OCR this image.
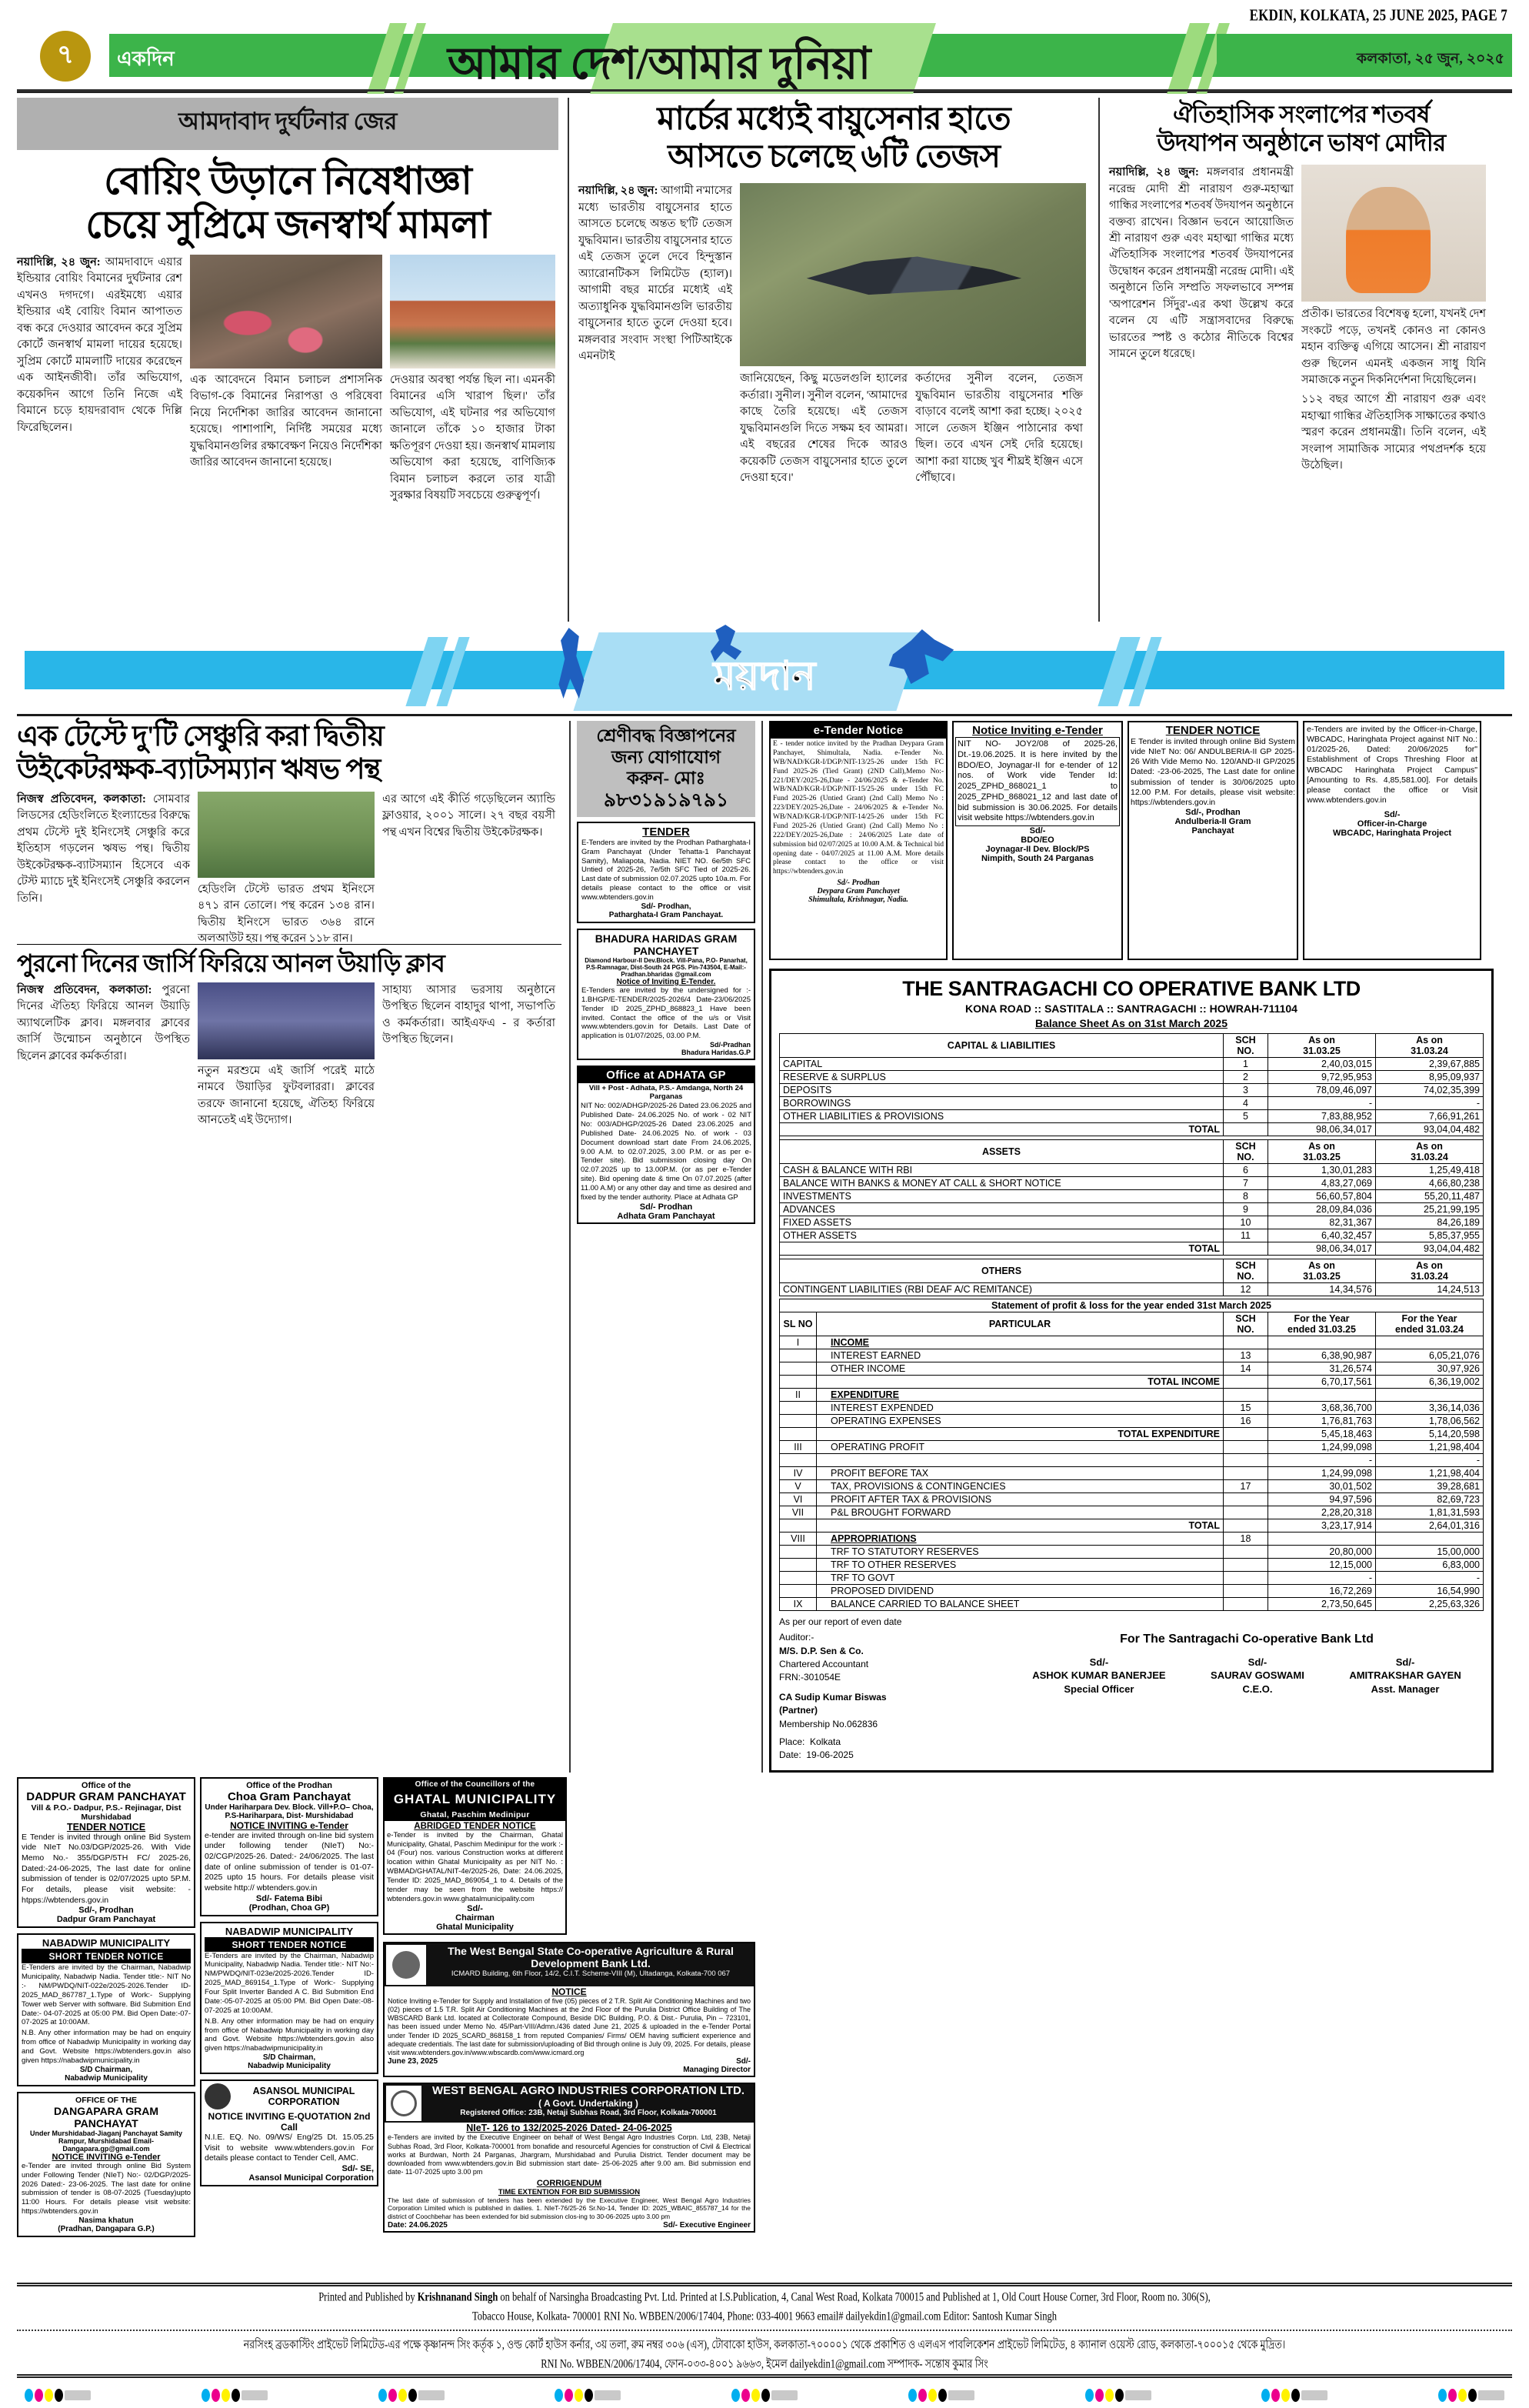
EKDIN, KOLKATA, 25 JUNE 2025, PAGE 7
৭	একদিন	আমার দেশ/আমার দুনিয়া	কলকাতা, ২৫ জুন, ২০২৫
আমদাবাদ দুর্ঘটনার জের
বোয়িং উড়ানে নিষেধাজ্ঞা
চেয়ে সুপ্রিমে জনস্বার্থ মামলা
নয়াদিল্লি, ২৪ জুন: আমদাবাদে এয়ার ইন্ডিয়ার বোয়িং বিমানের দুর্ঘটনার রেশ এখনও দগদগে। এরইমধ্যে এয়ার ইন্ডিয়ার এই বোয়িং বিমান আপাতত বন্ধ করে দেওয়ার আবেদন করে সুপ্রিম কোর্টে জনস্বার্থ মামলা দায়ের হয়েছে। সুপ্রিম কোর্টে মামলাটি দায়ের করেছেন এক আইনজীবী। তাঁর অভিযোগ, কয়েকদিন আগে তিনি নিজে এই বিমানে চড়ে হায়দরাবাদ থেকে দিল্লি ফিরেছিলেন।
এক আবেদনে বিমান চলাচল প্রশাসনিক বিভাগ-কে বিমানের নিরাপত্তা ও পরিষেবা নিয়ে নির্দেশিকা জারির আবেদন জানানো হয়েছে। পাশাপাশি, নির্দিষ্ট সময়ের মধ্যে যুদ্ধবিমানগুলির রক্ষাবেক্ষণ নিয়েও নির্দেশিকা জারির আবেদন জানানো হয়েছে।
দেওয়ার অবস্থা পর্যন্ত ছিল না। এমনকী বিমানের এসি খারাপ ছিল।' তাঁর অভিযোগ, এই ঘটনার পর অভিযোগ জানালে তাঁকে ১০ হাজার টাকা ক্ষতিপূরণ দেওয়া হয়। জনস্বার্থ মামলায় অভিযোগ করা হয়েছে, বাণিজ্যিক বিমান চলাচল করলে তার যাত্রী সুরক্ষার বিষয়টি সবচেয়ে গুরুত্বপূর্ণ।
মার্চের মধ্যেই বায়ুসেনার হাতে
আসতে চলেছে ৬টি তেজস
নয়াদিল্লি, ২৪ জুন: আগামী ন'মাসের মধ্যে ভারতীয় বায়ুসেনার হাতে আসতে চলেছে অন্তত ছ'টি তেজস যুদ্ধবিমান। ভারতীয় বায়ুসেনার হাতে এই তেজস তুলে দেবে হিন্দুস্তান অ্যারোনটিকস লিমিটেড (হ্যাল)। আগামী বছর মার্চের মধ্যেই এই অত্যাধুনিক যুদ্ধবিমানগুলি ভারতীয় বায়ুসেনার হাতে তুলে দেওয়া হবে। মঙ্গলবার সংবাদ সংস্থা পিটিআইকে এমনটাই
জানিয়েছেন, কিছু মডেলগুলি হ্যালের কর্তারা। সুনীল। সুনীল বলেন, 'আমাদের কাছে তৈরি হয়েছে। এই তেজস যুদ্ধবিমানগুলি দিতে সক্ষম হব আমরা। এই বছরের শেষের দিকে আরও কয়েকটি তেজস বায়ুসেনার হাতে তুলে দেওয়া হবে।'
কর্তাদের সুনীল বলেন, তেজস যুদ্ধবিমান ভারতীয় বায়ুসেনার শক্তি বাড়াবে বলেই আশা করা হচ্ছে। ২০২৫ সালে তেজস ইঞ্জিন পাঠানোর কথা ছিল। তবে এখন সেই দেরি হয়েছে। আশা করা যাচ্ছে খুব শীঘ্রই ইঞ্জিন এসে পৌঁছাবে।
ঐতিহাসিক সংলাপের শতবর্ষ
উদযাপন অনুষ্ঠানে ভাষণ মোদীর
নয়াদিল্লি, ২৪ জুন: মঙ্গলবার প্রধানমন্ত্রী নরেন্দ্র মোদী শ্রী নারায়ণ গুরু-মহাত্মা গান্ধির সংলাপের শতবর্ষ উদযাপন অনুষ্ঠানে বক্তব্য রাখেন। বিজ্ঞান ভবনে আয়োজিত শ্রী নারায়ণ গুরু এবং মহাত্মা গান্ধির মধ্যে ঐতিহাসিক সংলাপের শতবর্ষ উদযাপনের উদ্বোধন করেন প্রধানমন্ত্রী নরেন্দ্র মোদী। এই অনুষ্ঠানে তিনি সম্প্রতি সফলভাবে সম্পন্ন 'অপারেশন সিঁদুর'-এর কথা উল্লেখ করে বলেন যে এটি সন্ত্রাসবাদের বিরুদ্ধে ভারতের স্পষ্ট ও কঠোর নীতিকে বিশ্বের সামনে তুলে ধরেছে।
প্রতীক। ভারতের বিশেষত্ব হলো, যখনই দেশ সংকটে পড়ে, তখনই কোনও না কোনও মহান ব্যক্তিত্ব এগিয়ে আসেন। শ্রী নারায়ণ গুরু ছিলেন এমনই একজন সাধু যিনি সমাজকে নতুন দিকনির্দেশনা দিয়েছিলেন।
১১২ বছর আগে শ্রী নারায়ণ গুরু এবং মহাত্মা গান্ধির ঐতিহাসিক সাক্ষাতের কথাও স্মরণ করেন প্রধানমন্ত্রী। তিনি বলেন, এই সংলাপ সামাজিক সাম্যের পথপ্রদর্শক হয়ে উঠেছিল।
ময়দান
এক টেস্টে দু'টি সেঞ্চুরি করা দ্বিতীয়
উইকেটরক্ষক-ব্যাটসম্যান ঋষভ পন্থ
নিজস্ব প্রতিবেদন, কলকাতা: সোমবার লিডসের হেডিংলিতে ইংল্যান্ডের বিরুদ্ধে প্রথম টেস্টে দুই ইনিংসেই সেঞ্চুরি করে ইতিহাস গড়লেন ঋষভ পন্থ। দ্বিতীয় উইকেটরক্ষক-ব্যাটসম্যান হিসেবে এক টেস্ট ম্যাচে দুই ইনিংসেই সেঞ্চুরি করলেন তিনি।
হেডিংলি টেস্টে ভারত প্রথম ইনিংসে ৪৭১ রান তোলে। পন্থ করেন ১৩৪ রান। দ্বিতীয় ইনিংসে ভারত ৩৬৪ রানে অলআউট হয়। পন্থ করেন ১১৮ রান।
এর আগে এই কীর্তি গড়েছিলেন অ্যান্ডি ফ্লাওয়ার, ২০০১ সালে। ২৭ বছর বয়সী পন্থ এখন বিশ্বের দ্বিতীয় উইকেটরক্ষক।
পুরনো দিনের জার্সি ফিরিয়ে আনল উয়াড়ি ক্লাব
নিজস্ব প্রতিবেদন, কলকাতা: পুরনো দিনের ঐতিহ্য ফিরিয়ে আনল উয়াড়ি অ্যাথলেটিক ক্লাব। মঙ্গলবার ক্লাবের জার্সি উন্মোচন অনুষ্ঠানে উপস্থিত ছিলেন ক্লাবের কর্মকর্তারা।
নতুন মরশুমে এই জার্সি পরেই মাঠে নামবে উয়াড়ির ফুটবলাররা। ক্লাবের তরফে জানানো হয়েছে, ঐতিহ্য ফিরিয়ে আনতেই এই উদ্যোগ।
সাহায্য আসার ভরসায় অনুষ্ঠানে উপস্থিত ছিলেন বাহাদুর থাপা, সভাপতি ও কর্মকর্তারা। আইএফএ - র কর্তারা উপস্থিত ছিলেন।
শ্রেণীবদ্ধ বিজ্ঞাপনের
জন্য যোগাযোগ
করুন- মোঃ
৯৮৩১৯১৯৭৯১
TENDER
E-Tenders are invited by the Prodhan Patharghata-I Gram Panchayat (Under Tehatta-1 Panchayat Samity), Maliapota, Nadia. NIET NO. 6e/5th SFC Untied of 2025-26, 7e/5th SFC Tied of 2025-26. Last date of submission 02.07.2025 upto 10a.m. For details please contact to the office or visit www.wbtenders.gov.in
Sd/- Prodhan,
Patharghata-I Gram Panchayat.
BHADURA HARIDAS GRAM PANCHAYET
Diamond Harbour-II Dev.Block. Vill-Pana, P.O- Panarhat, P.S-Ramnagar, Dist-South 24 PGS. Pin-743504, E-Mail:-Pradhan.bharidas @gmail.com
Notice of Inviting E-Tender.
E-Tenders are invited by the undersigned for :- 1.BHGP/E-TENDER/2025-2026/4 Date-23/06/2025 Tender ID 2025_ZPHD_868823_1 Have been invited. Contact the office of the u/s or Visit www.wbtenders.gov.in for Details. Last Date of application is 01/07/2025, 03.00 P.M.
Sd/-Pradhan
Bhadura Haridas.G.P
Office at ADHATA GP
Vill + Post - Adhata, P.S.- Amdanga, North 24 Parganas
NIT No: 002/ADHGP/2025-26 Dated 23.06.2025 and Published Date- 24.06.2025 No. of work - 02 NIT No: 003/ADHGP/2025-26 Dated 23.06.2025 and Published Date- 24.06.2025 No. of work - 03 Document download start date From 24.06.2025, 9.00 A.M. to 02.07.2025, 3.00 P.M. or as per e-Tender site). Bid submission closing day On 02.07.2025 up to 13.00P.M. (or as per e-Tender site). Bid opening date & time On 07.07.2025 (after 11.00 A.M) or any other day and time as desired and fixed by the tender authority. Place at Adhata GP
Sd/- Prodhan
Adhata Gram Panchayat
e-Tender Notice
E - tender notice invited by the Pradhan Deypara Gram Panchayet, Shimultala, Nadia. e-Tender No. WB/NAD/KGR-I/DGP/NIT-13/25-26 under 15th FC Fund 2025-26 (Tied Grant) (2ND Call),Memo No:- 221/DEY/2025-26,Date - 24/06/2025 & e-Tender No. WB/NAD/KGR-I/DGP/NIT-15/25-26 under 15th FC Fund 2025-26 (Untied Grant) (2nd Call) Memo No : 223/DEY/2025-26,Date - 24/06/2025 & e-Tender No. WB/NAD/KGR-I/DGP/NIT-14/25-26 under 15th FC Fund 2025-26 (Untied Grant) (2nd Call) Memo No : 222/DEY/2025-26,Date : 24/06/2025 Late date of submission bid 02/07/2025 at 10.00 A.M. & Technical bid opening date - 04/07/2025 at 11.00 A.M. More details please contact to the office or visit https://wbtenders.gov.in
Sd/- Prodhan
Deypara Gram Panchayet
Shimultala, Krishnagar, Nadia.
Notice Inviting e-Tender
NIT NO- JOY2/08 of 2025-26, Dt.-19.06.2025. It is here invited by the BDO/EO, Joynagar-II for e-tender of 12 nos. of Work vide Tender Id: 2025_ZPHD_868021_1 to 2025_ZPHD_868021_12 and last date of bid submission is 30.06.2025. For details visit website https://wbtenders.gov.in
Sd/-
BDO/EO
Joynagar-II Dev. Block/PS
Nimpith, South 24 Parganas
TENDER NOTICE
E Tender is invited through online Bid System vide NIeT No: 06/ ANDULBERIA-II GP 2025-26 With Vide Memo No. 120/AND-II GP/2025 Dated: -23-06-2025, The Last date for online submission of tender is 30/06/2025 upto 12.00 P.M. For details, please visit website: https://wbtenders.gov.in
Sd/-, Prodhan
Andulberia-II Gram
Panchayat
e-Tenders are invited by the Officer-in-Charge, WBCADC, Haringhata Project against NIT No.: 01/2025-26, Dated: 20/06/2025 for" Establishment of Crops Threshing Floor at WBCADC Haringhata Project Campus" [Amounting to Rs. 4,85,581.00]. For details please contact the office or Visit www.wbtenders.gov.in
Sd/-
Officer-in-Charge
WBCADC, Haringhata Project
THE SANTRAGACHI CO OPERATIVE BANK LTD
KONA ROAD :: SASTITALA :: SANTRAGACHI :: HOWRAH-711104
Balance Sheet As on 31st March 2025
CAPITAL & LIABILITIES	SCH
NO.	As on
31.03.25	As on
31.03.24
CAPITAL	1	2,40,03,015	2,39,67,885
RESERVE & SURPLUS	2	9,72,95,953	8,95,09,937
DEPOSITS	3	78,09,46,097	74,02,35,399
BORROWINGS	4	-	-
OTHER LIABILITIES & PROVISIONS	5	7,83,88,952	7,66,91,261
TOTAL		98,06,34,017	93,04,04,482

ASSETS	SCH
NO.	As on
31.03.25	As on
31.03.24
CASH & BALANCE WITH RBI	6	1,30,01,283	1,25,49,418
BALANCE WITH BANKS & MONEY AT CALL & SHORT NOTICE	7	4,83,27,069	4,66,80,238
INVESTMENTS	8	56,60,57,804	55,20,11,487
ADVANCES	9	28,09,84,036	25,21,99,195
FIXED ASSETS	10	82,31,367	84,26,189
OTHER ASSETS	11	6,40,32,457	5,85,37,955
TOTAL		98,06,34,017	93,04,04,482

OTHERS	SCH
NO.	As on
31.03.25	As on
31.03.24
CONTINGENT LIABILITIES (RBI DEAF A/C REMITANCE)	12	14,34,576	14,24,513
Statement of profit & loss for the year ended 31st March 2025				
SL NO	PARTICULAR	SCH
NO.	For the Year
ended 31.03.25	For the Year
ended 31.03.24
I	INCOME			
	INTEREST EARNED	13	6,38,90,987	6,05,21,076
	OTHER INCOME	14	31,26,574	30,97,926
	TOTAL INCOME		6,70,17,561	6,36,19,002
II	EXPENDITURE			
	INTEREST EXPENDED	15	3,68,36,700	3,36,14,036
	OPERATING EXPENSES	16	1,76,81,763	1,78,06,562
	TOTAL EXPENDITURE		5,45,18,463	5,14,20,598
III	OPERATING PROFIT		1,24,99,098	1,21,98,404
			-	-
IV	PROFIT BEFORE TAX		1,24,99,098	1,21,98,404
V	TAX, PROVISIONS & CONTINGENCIES	17	30,01,502	39,28,681
VI	PROFIT AFTER TAX & PROVISIONS		94,97,596	82,69,723
VII	P&L BROUGHT FORWARD		2,28,20,318	1,81,31,593
	TOTAL		3,23,17,914	2,64,01,316
VIII	APPROPRIATIONS	18		
	TRF TO STATUTORY RESERVES		20,80,000	15,00,000
	TRF TO OTHER RESERVES		12,15,000	6,83,000
	TRF TO GOVT		-	-
	PROPOSED DIVIDEND		16,72,269	16,54,990
IX	BALANCE CARRIED TO BALANCE SHEET		2,73,50,645	2,25,63,326
As per our report of even date
Auditor:-
M/S. D.P. Sen & Co.
Chartered Accountant
FRN:-301054E
CA Sudip Kumar Biswas
(Partner)
Membership No.062836
Place: Kolkata
Date: 19-06-2025
For The Santragachi Co-operative Bank Ltd
Sd/-
ASHOK KUMAR BANERJEE
Special Officer
Sd/-
SAURAV GOSWAMI
C.E.O.
Sd/-
AMITRAKSHAR GAYEN
Asst. Manager
Office of the
DADPUR GRAM PANCHAYAT
Vill & P.O.- Dadpur, P.S.- Rejinagar, Dist Murshidabad
TENDER NOTICE
E Tender is invited through online Bid System vide NIeT No.03/DGP/2025-26. With Vide Memo No.- 355/DGP/5TH FC/ 2025-26, Dated:-24-06-2025, The last date for online submission of tender is 02/07/2025 upto 5P.M. For details, please visit website: - htpps://wbtenders.gov.in
Sd/-, Prodhan
Dadpur Gram Panchayat
NABADWIP MUNICIPALITY
SHORT TENDER NOTICE
E-Tenders are invited by the Chairman, Nabadwip Municipality, Nabadwip Nadia. Tender title:- NIT No :- NM/PWDQ/NIT-022e/2025-2026.Tender ID-2025_MAD_867787_1.Type of Work:- Supplying Tower web Server with software. Bid Submition End Date:- 04-07-2025 at 05:00 PM. Bid Open Date:-07-07-2025 at 10:00AM.
N.B. Any other information may be had on enquiry from office of Nabadwip Municipality in working day and Govt. Website https://wbtenders.gov.in also given https://nabadwipmunicipality.in
S/D Chairman,
Nabadwip Municipality
OFFICE OF THE
DANGAPARA GRAM PANCHAYAT
Under Murshidabad-Jiaganj Panchayat Samity Rampur, Murshidabad Email-Dangapara.gp@gmail.com
NOTICE INVITING e-Tender
e-Tender are invited through online Bid System under Following Tender (NIeT) No:- 02/DGP/2025-2026 Dated:- 23-06-2025. The last date for online submission of tender is 08-07-2025 (Tuesday)upto 11:00 Hours. For details please visit website: https://wbtenders.gov.in
Nasima khatun
(Pradhan, Dangapara G.P.)
Office of the Prodhan
Choa Gram Panchayat
Under Hariharpara Dev. Block. Vill+P.O– Choa, P.S-Hariharpara, Dist- Murshidabad
NOTICE INVITING e-Tender
e-tender are invited through on-line bid system under following tender (NIeT) No:- 02/CGP/2025-26. Dated:- 24/06/2025. The last date of online submission of tender is 01-07-2025 upto 15 hours. For details please visit website http:// wbtenders.gov.in
Sd/- Fatema Bibi
(Prodhan, Choa GP)
NABADWIP MUNICIPALITY
SHORT TENDER NOTICE
E-Tenders are invited by the Chairman, Nabadwip Municipality, Nabadwip Nadia. Tender title:- NIT No:-NM/PWDQ/NIT-023e/2025-2026.Tender ID-2025_MAD_869154_1.Type of Work:- Supplying Four Split Inverter Banded A C. Bid Submition End Date:-05-07-2025 at 05:00 PM. Bid Open Date:-08-07-2025 at 10:00AM.
N.B. Any other information may be had on enquiry from office of Nabadwip Municipality in working day and Govt. Website https://wbtenders.gov.in also given https://nabadwipmunicipality.in
S/D Chairman,
Nabadwip Municipality
ASANSOL MUNICIPAL CORPORATION
NOTICE INVITING E-QUOTATION 2nd Call
N.I.E. EQ. No. 09/WS/ Eng/25 Dt. 15.05.25 Visit to website www.wbtenders.gov.in For details please contact to Tender Cell, AMC.
Sd/- SE,
Asansol Municipal Corporation
Office of the Councillors of the
GHATAL MUNICIPALITY
Ghatal, Paschim Medinipur
ABRIDGED TENDER NOTICE
e-Tender is invited by the Chairman, Ghatal Municipality, Ghatal, Paschim Medinipur for the work :- 04 (Four) nos. various Construction works at different location within Ghatal Municipality as per NIT No. : WBMAD/GHATAL/NIT-4e/2025-26, Date: 24.06.2025, Tender ID: 2025_MAD_869054_1 to 4. Details of the tender may be seen from the website https:// wbtenders.gov.in www.ghatalmunicipality.com
Sd/-
Chairman
Ghatal Municipality
The West Bengal State Co-operative Agriculture & Rural Development Bank Ltd.
ICMARD Building, 6th Floor, 14/2, C.I.T. Scheme-VIII (M), Ultadanga, Kolkata-700 067
NOTICE
Notice Inviting e-Tender for Supply and Installation of five (05) pieces of 2 T.R. Split Air Conditioning Machines and two (02) pieces of 1.5 T.R. Split Air Conditioning Machines at the 2nd Floor of the Purulia District Office Building of The WBSCARD Bank Ltd. located at Collectorate Compound, Beside DIC Building, P.O. & Dist.- Purulia, Pin – 723101, has been issued under Memo No. 45/Part-VIII/Admn./436 dated June 21, 2025 & uploaded in the e-Tender Portal under Tender ID 2025_SCARD_868158_1 from reputed Companies/ Firms/ OEM having sufficient experience and adequate credentials. The last date for submission/uploading of Bid through online is July 09, 2025. For details, please visit www.wbtenders.gov.in/www.wbscardb.com/www.icmard.org
June 23, 2025	Sd/-
Managing Director
WEST BENGAL AGRO INDUSTRIES CORPORATION LTD.
( A Govt. Undertaking )
Registered Office: 23B, Netaji Subhas Road, 3rd Floor, Kolkata-700001
NIeT- 126 to 132/2025-2026 Dated- 24-06-2025
e-Tenders are invited by the Executive Engineer on behalf of West Bengal Agro Industries Corpn. Ltd, 23B, Netaji Subhas Road, 3rd Floor, Kolkata-700001 from bonafide and resourceful Agencies for construction of Civil & Electrical works at Burdwan, North 24 Parganas, Jhargram, Murshidabad and Purulia District. Tender document may be downloaded from www.wbtenders.gov.in Bid submission start date- 25-06-2025 after 9.00 am. Bid submission end date- 11-07-2025 upto 3.00 pm
CORRIGENDUM
TIME EXTENTION FOR BID SUBMISSION
The last date of submission of tenders has been extended by the Executive Engineer, West Bengal Agro Industries Corporation Limited which is published in dailies. 1. NIeT-76/25-26 Sr.No-14, Tender ID: 2025_WBAIC_855787_14 for the district of Coochbehar has been extended for bid submission clos-ing to 30-06-2025 upto 3.00 pm
Date: 24.06.2025	Sd/- Executive Engineer
Printed and Published by Krishnanand Singh on behalf of Narsingha Broadcasting Pvt. Ltd. Printed at I.S.Publication, 4, Canal West Road, Kolkata 700015 and Published at 1, Old Court House Corner, 3rd Floor, Room no. 306(S),
Tobacco House, Kolkata- 700001 RNI No. WBBEN/2006/17404, Phone: 033-4001 9663 email# dailyekdin1@gmail.com Editor: Santosh Kumar Singh
নরসিংহ ব্রডকাস্টিং প্রাইভেট লিমিটেড-এর পক্ষে কৃষ্ণানন্দ সিং কর্তৃক ১, ওল্ড কোর্ট হাউস কর্নার, ৩য় তলা, রুম নম্বর ৩০৬ (এস), টোবাকো হাউস, কলকাতা-৭০০০০১ থেকে প্রকাশিত ও এলএস পাবলিকেশন প্রাইভেট লিমিটেড, ৪ ক্যানাল ওয়েস্ট রোড, কলকাতা-৭০০০১৫ থেকে মুদ্রিত।
RNI No. WBBEN/2006/17404, ফোন-০৩৩-৪০০১ ৯৬৬৩, ইমেল dailyekdin1@gmail.com সম্পাদক- সন্তোষ কুমার সিং
